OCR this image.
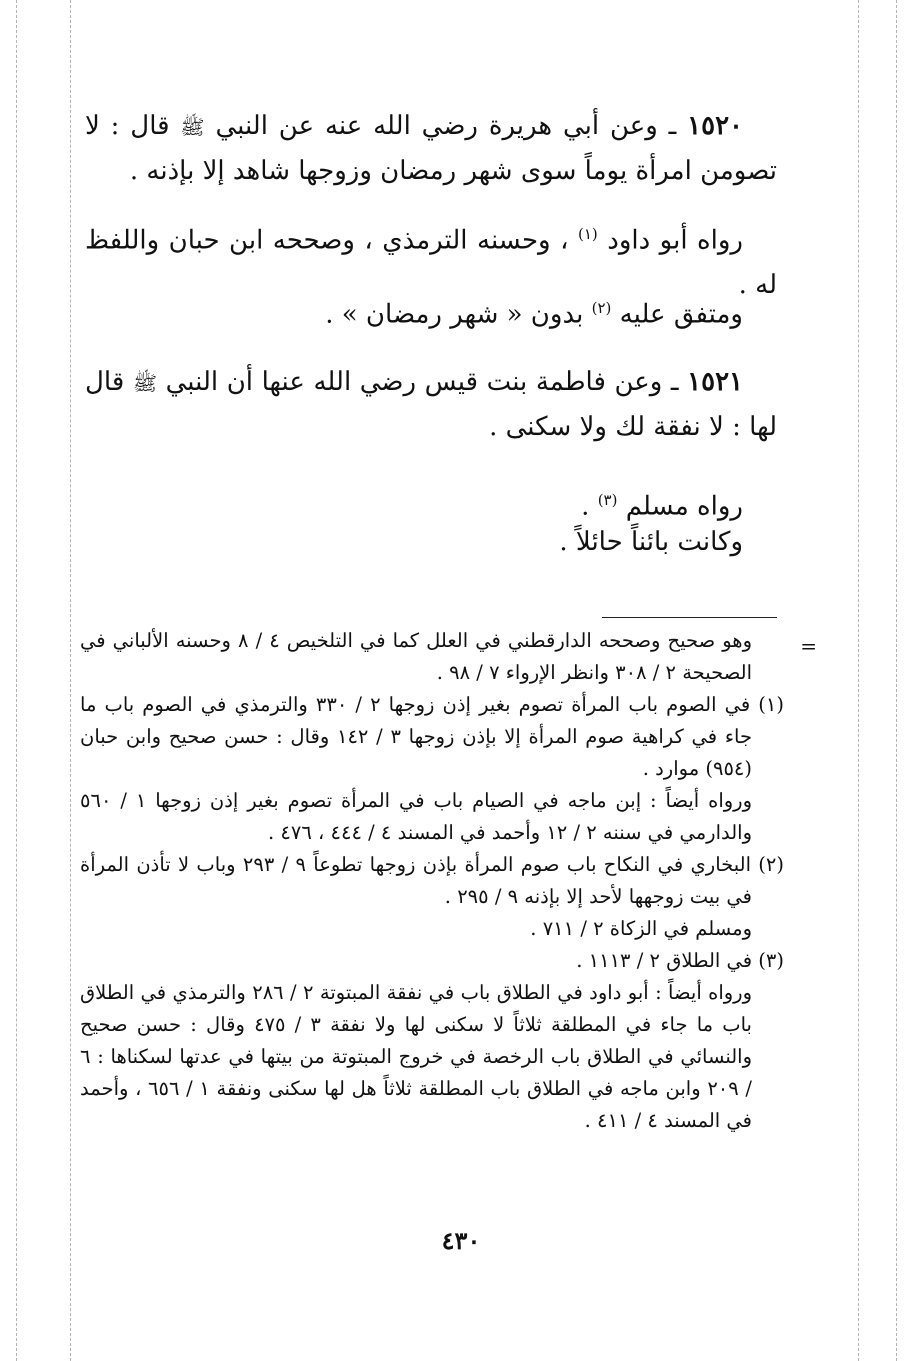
١٥٢٠ ـ وعن أبي هريرة رضي الله عنه عن النبي ﷺ قال : لا تصومن امرأة يوماً سوى شهر رمضان وزوجها شاهد إلا بإذنه .
رواه أبو داود $^{(١)}$ ، وحسنه الترمذي ، وصححه ابن حبان واللفظ له .
ومتفق عليه $^{(٢)}$ بدون « شهر رمضان » .
١٥٢١ ـ وعن فاطمة بنت قيس رضي الله عنها أن النبي ﷺ قال لها : لا نفقة لك ولا سكنى .
رواه مسلم $^{(٣)}$ .
وكانت بائناً حائلاً .
=

وهو صحيح وصححه الدارقطني في العلل كما في التلخيص ٤ / ٨ وحسنه الألباني في الصحيحة ٢ / ٣٠٨ وانظر الإرواء ٧ / ٩٨ .

(١) في الصوم باب المرأة تصوم بغير إذن زوجها ٢ / ٣٣٠ والترمذي في الصوم باب ما جاء في كراهية صوم المرأة إلا بإذن زوجها ٣ / ١٤٢ وقال : حسن صحيح وابن حبان (٩٥٤) موارد .

ورواه أيضاً : إبن ماجه في الصيام باب في المرأة تصوم بغير إذن زوجها ١ / ٥٦٠ والدارمي في سننه ٢ / ١٢ وأحمد في المسند ٤ / ٤٤٤ ، ٤٧٦ .

(٢) البخاري في النكاح باب صوم المرأة بإذن زوجها تطوعاً ٩ / ٢٩٣ وباب لا تأذن المرأة في بيت زوجهها لأحد إلا بإذنه ٩ / ٢٩٥ .

ومسلم في الزكاة ٢ / ٧١١ .

(٣) في الطلاق ٢ / ١١١٣ .

ورواه أيضاً : أبو داود في الطلاق باب في نفقة المبتوتة ٢ / ٢٨٦ والترمذي في الطلاق باب ما جاء في المطلقة ثلاثاً لا سكنى لها ولا نفقة ٣ / ٤٧٥ وقال : حسن صحيح والنسائي في الطلاق باب الرخصة في خروج المبتوتة من بيتها في عدتها لسكناها : ٦ / ٢٠٩ وابن ماجه في الطلاق باب المطلقة ثلاثاً هل لها سكنى ونفقة ١ / ٦٥٦ ، وأحمد في المسند ٤ / ٤١١ .

٤٣٠
